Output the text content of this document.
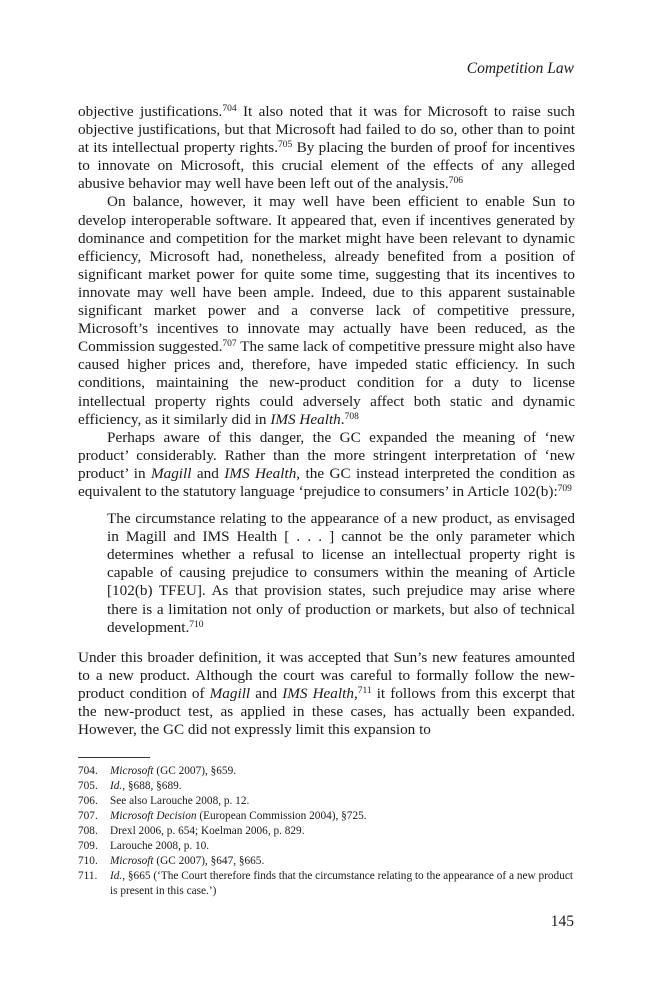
Competition Law

objective justifications.$^{704}$ It also noted that it was for Microsoft to raise such objective justifications, but that Microsoft had failed to do so, other than to point at its intellectual property rights.$^{705}$ By placing the burden of proof for incentives to innovate on Microsoft, this crucial element of the effects of any alleged abusive behavior may well have been left out of the analysis.$^{706}$

On balance, however, it may well have been efficient to enable Sun to develop interoperable software. It appeared that, even if incentives generated by dominance and competition for the market might have been relevant to dynamic efficiency, Microsoft had, nonetheless, already benefited from a position of significant market power for quite some time, suggesting that its incentives to innovate may well have been ample. Indeed, due to this apparent sustainable significant market power and a converse lack of competitive pressure, Microsoft’s incentives to innovate may actually have been reduced, as the Commission suggested.$^{707}$ The same lack of competitive pressure might also have caused higher prices and, therefore, have impeded static efficiency. In such conditions, maintaining the new-product condition for a duty to license intellectual property rights could adversely affect both static and dynamic efficiency, as it similarly did in IMS Health.$^{708}$

Perhaps aware of this danger, the GC expanded the meaning of ‘new product’ considerably. Rather than the more stringent interpretation of ‘new product’ in Magill and IMS Health, the GC instead interpreted the condition as equivalent to the statutory language ‘prejudice to consumers’ in Article 102(b):$^{709}$

The circumstance relating to the appearance of a new product, as envisaged in Magill and IMS Health [ . . . ] cannot be the only parameter which determines whether a refusal to license an intellectual property right is capable of causing prejudice to consumers within the meaning of Article [102(b) TFEU]. As that provision states, such prejudice may arise where there is a limitation not only of production or markets, but also of technical development.$^{710}$

Under this broader definition, it was accepted that Sun’s new features amounted to a new product. Although the court was careful to formally follow the new-product condition of Magill and IMS Health,$^{711}$ it follows from this excerpt that the new-product test, as applied in these cases, has actually been expanded. However, the GC did not expressly limit this expansion to

704.	Microsoft (GC 2007), §659.
705.	Id., §688, §689.
706.	See also Larouche 2008, p. 12.
707.	Microsoft Decision (European Commission 2004), §725.
708.	Drexl 2006, p. 654; Koelman 2006, p. 829.
709.	Larouche 2008, p. 10.
710.	Microsoft (GC 2007), §647, §665.
711.	Id., §665 (‘The Court therefore finds that the circumstance relating to the appearance of a new product is present in this case.’)
145
